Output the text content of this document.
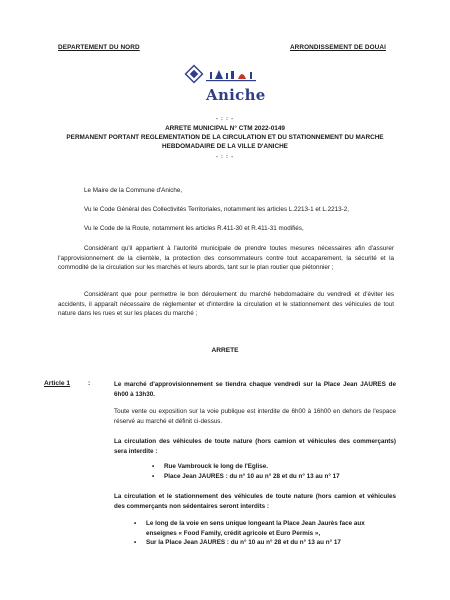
DEPARTEMENT DU NORD	ARRONDISSEMENT DE DOUAI
Aniche
- : : -
ARRETE MUNICIPAL N° CTM 2022-0149
PERMANENT PORTANT REGLEMENTATION DE LA CIRCULATION ET DU STATIONNEMENT DU MARCHE
HEBDOMADAIRE DE LA VILLE D'ANICHE
- : : -
Le Maire de la Commune d'Aniche,
Vu le Code Général des Collectivités Territoriales, notamment les articles L.2213-1 et L.2213-2,
Vu le Code de la Route, notamment les articles R.411-30 et R.411-31 modifiés,
Considérant qu'il appartient à l'autorité municipale de prendre toutes mesures nécessaires afin d'assurer l'approvisionnement de la clientèle, la protection des consommateurs contre tout accaparement, la sécurité et la commodité de la circulation sur les marchés et leurs abords, tant sur le plan routier que piétonnier ;
Considérant que pour permettre le bon déroulement du marché hebdomadaire du vendredi et d'éviter les accidents, il apparaît nécessaire de réglementer et d'interdire la circulation et le stationnement des véhicules de tout nature dans les rues et sur les places du marché ;
ARRETE
Article 1	:	Le marché d'approvisionnement se tiendra chaque vendredi sur la Place Jean JAURES de 6h00 à 13h30.
Toute vente ou exposition sur la voie publique est interdite de 6h00 à 16h00 en dehors de l'espace réservé au marché et définit ci-dessus.
La circulation des véhicules de toute nature (hors camion et véhicules des commerçants) sera interdite :
• Rue Vambrouck le long de l'Eglise.
• Place Jean JAURES : du n° 10 au n° 28 et du n° 13 au n° 17
La circulation et le stationnement des véhicules de toute nature (hors camion et véhicules des commerçants non sédentaires seront interdits :
• Le long de la voie en sens unique longeant la Place Jean Jaurès face aux enseignes « Food Family, crédit agricole et Euro Permis »,
• Sur la Place Jean JAURES : du n° 10 au n° 28 et du n° 13 au n° 17
